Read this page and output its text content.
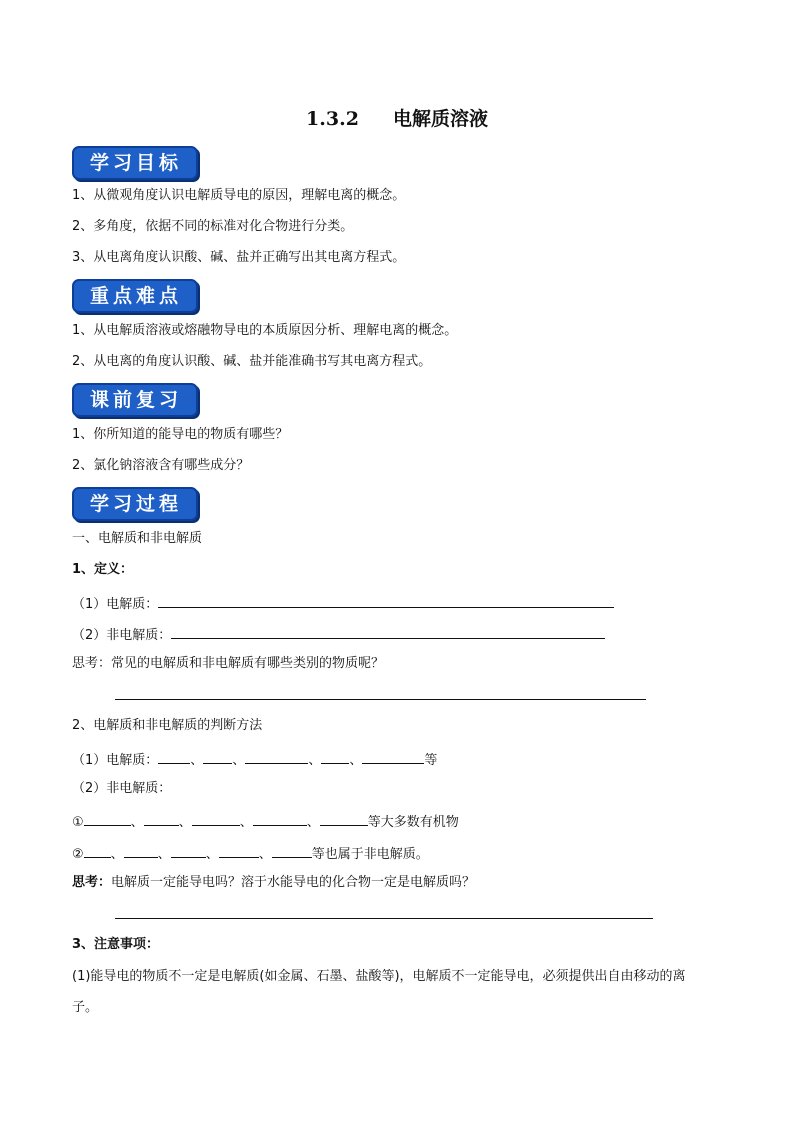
1.3.2 电解质溶液
学习目标
1、从微观角度认识电解质导电的原因，理解电离的概念。
2、多角度，依据不同的标准对化合物进行分类。
3、从电离角度认识酸、碱、盐并正确写出其电离方程式。
重点难点
1、从电解质溶液或熔融物导电的本质原因分析、理解电离的概念。
2、从电离的角度认识酸、碱、盐并能准确书写其电离方程式。
课前复习
1、你所知道的能导电的物质有哪些？
2、氯化钠溶液含有哪些成分？
学习过程
一、电解质和非电解质
1、定义：
（1）电解质：
（2）非电解质：
思考：常见的电解质和非电解质有哪些类别的物质呢？
2、电解质和非电解质的判断方法
（1）电解质： 、 、	、 、	等
（2）非电解质：
①	、	、	、	、	等大多数有机物
② 、	、	、	、	等也属于非电解质。
思考：电解质一定能导电吗？溶于水能导电的化合物一定是电解质吗？
3、注意事项：
(1)能导电的物质不一定是电解质(如金属、石墨、盐酸等)，电解质不一定能导电，必须提供出自由移动的离
子。
